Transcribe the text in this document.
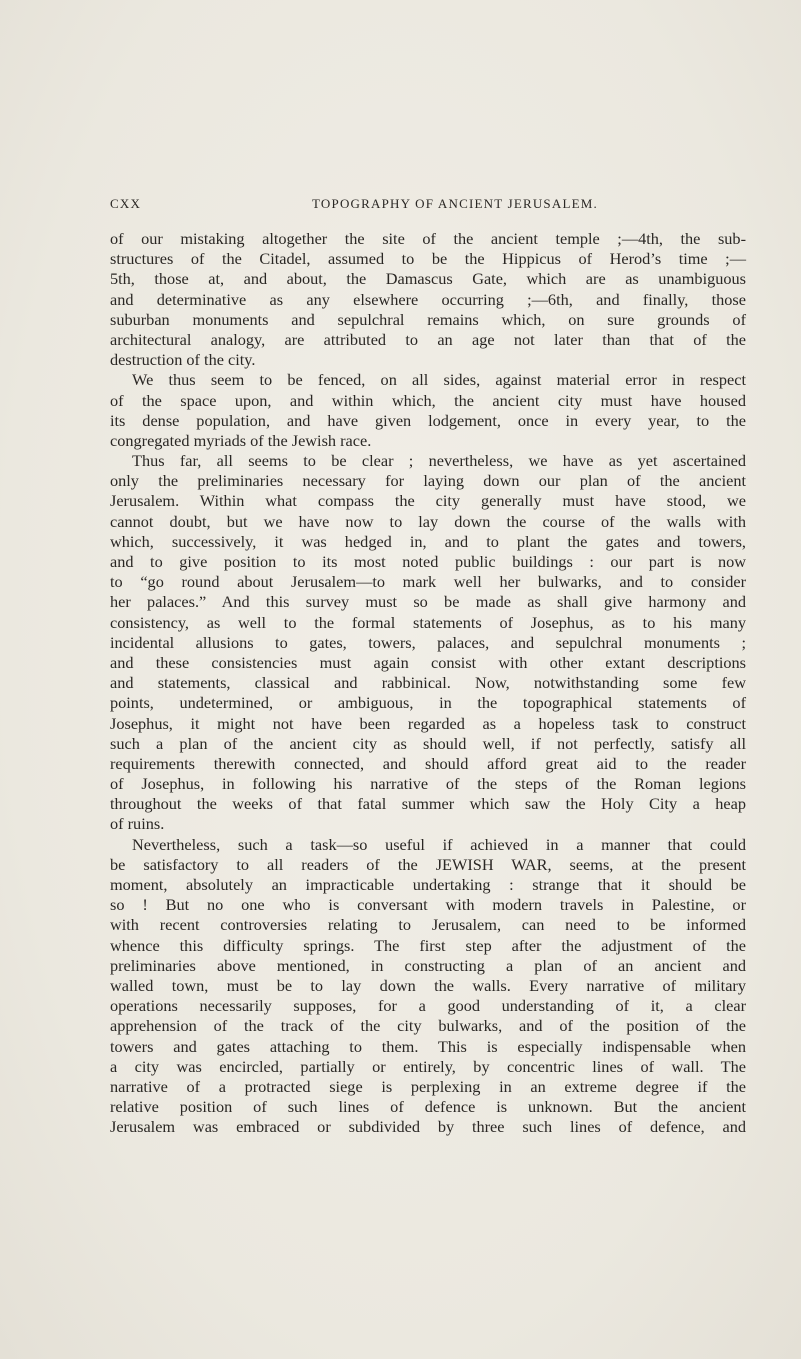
CXX	TOPOGRAPHY OF ANCIENT JERUSALEM.
of our mistaking altogether the site of the ancient temple ;—4th, the sub-
structures of the Citadel, assumed to be the Hippicus of Herod’s time ;—
5th, those at, and about, the Damascus Gate, which are as unambiguous
and determinative as any elsewhere occurring ;—6th, and finally, those
suburban monuments and sepulchral remains which, on sure grounds of
architectural analogy, are attributed to an age not later than that of the
destruction of the city.
We thus seem to be fenced, on all sides, against material error in respect
of the space upon, and within which, the ancient city must have housed
its dense population, and have given lodgement, once in every year, to the
congregated myriads of the Jewish race.
Thus far, all seems to be clear ; nevertheless, we have as yet ascertained
only the preliminaries necessary for laying down our plan of the ancient
Jerusalem. Within what compass the city generally must have stood, we
cannot doubt, but we have now to lay down the course of the walls with
which, successively, it was hedged in, and to plant the gates and towers,
and to give position to its most noted public buildings : our part is now
to “go round about Jerusalem—to mark well her bulwarks, and to consider
her palaces.” And this survey must so be made as shall give harmony and
consistency, as well to the formal statements of Josephus, as to his many
incidental allusions to gates, towers, palaces, and sepulchral monuments ;
and these consistencies must again consist with other extant descriptions
and statements, classical and rabbinical. Now, notwithstanding some few
points, undetermined, or ambiguous, in the topographical statements of
Josephus, it might not have been regarded as a hopeless task to construct
such a plan of the ancient city as should well, if not perfectly, satisfy all
requirements therewith connected, and should afford great aid to the reader
of Josephus, in following his narrative of the steps of the Roman legions
throughout the weeks of that fatal summer which saw the Holy City a heap
of ruins.
Nevertheless, such a task—so useful if achieved in a manner that could
be satisfactory to all readers of the JEWISH WAR, seems, at the present
moment, absolutely an impracticable undertaking : strange that it should be
so ! But no one who is conversant with modern travels in Palestine, or
with recent controversies relating to Jerusalem, can need to be informed
whence this difficulty springs. The first step after the adjustment of the
preliminaries above mentioned, in constructing a plan of an ancient and
walled town, must be to lay down the walls. Every narrative of military
operations necessarily supposes, for a good understanding of it, a clear
apprehension of the track of the city bulwarks, and of the position of the
towers and gates attaching to them. This is especially indispensable when
a city was encircled, partially or entirely, by concentric lines of wall. The
narrative of a protracted siege is perplexing in an extreme degree if the
relative position of such lines of defence is unknown. But the ancient
Jerusalem was embraced or subdivided by three such lines of defence, and
